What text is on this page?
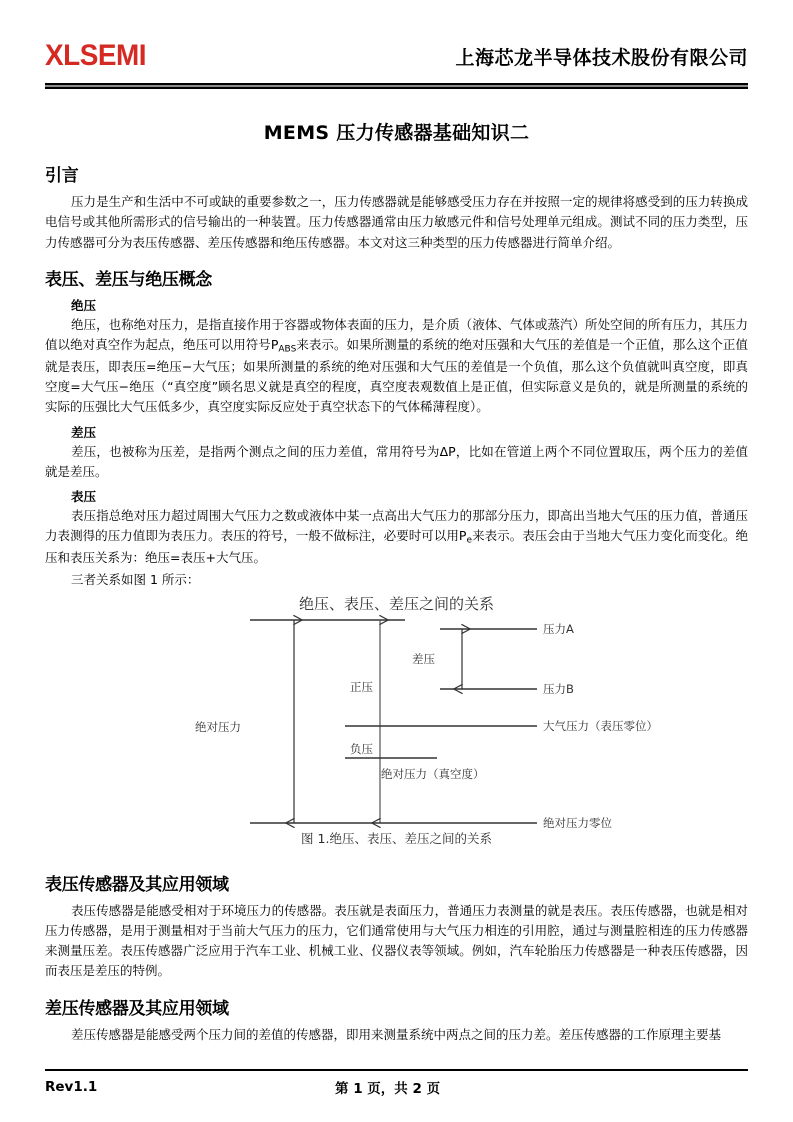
XLSEMI	上海芯龙半导体技术股份有限公司
MEMS 压力传感器基础知识二
引言

压力是生产和生活中不可或缺的重要参数之一，压力传感器就是能够感受压力存在并按照一定的规律将感受到的压力转换成电信号或其他所需形式的信号输出的一种装置。压力传感器通常由压力敏感元件和信号处理单元组成。测试不同的压力类型，压力传感器可分为表压传感器、差压传感器和绝压传感器。本文对这三种类型的压力传感器进行简单介绍。

表压、差压与绝压概念
绝压

绝压，也称绝对压力，是指直接作用于容器或物体表面的压力，是介质（液体、气体或蒸汽）所处空间的所有压力，其压力值以绝对真空作为起点，绝压可以用符号$P_{ABS}$来表示。如果所测量的系统的绝对压强和大气压的差值是一个正值，那么这个正值就是表压，即表压=绝压−大气压；如果所测量的系统的绝对压强和大气压的差值是一个负值，那么这个负值就叫真空度，即真空度=大气压−绝压（“真空度”顾名思义就是真空的程度，真空度表观数值上是正值，但实际意义是负的，就是所测量的系统的实际的压强比大气压低多少，真空度实际反应处于真空状态下的气体稀薄程度）。

差压

差压，也被称为压差，是指两个测点之间的压力差值，常用符号为ΔP，比如在管道上两个不同位置取压，两个压力的差值就是差压。

表压

表压指总绝对压力超过周围大气压力之数或液体中某一点高出大气压力的那部分压力，即高出当地大气压的压力值，普通压力表测得的压力值即为表压力。表压的符号，一般不做标注，必要时可以用$P_e$来表示。表压会由于当地大气压力变化而变化。绝压和表压关系为：绝压=表压+大气压。

三者关系如图 1 所示：

绝压、表压、差压之间的关系
绝对压力
正压
负压
大气压力（表压零位）
绝对压力（真空度）
绝对压力零位
压力A
压力B
差压
图 1.绝压、表压、差压之间的关系
表压传感器及其应用领域

表压传感器是能感受相对于环境压力的传感器。表压就是表面压力，普通压力表测量的就是表压。表压传感器，也就是相对压力传感器，是用于测量相对于当前大气压力的压力，它们通常使用与大气压力相连的引用腔，通过与测量腔相连的压力传感器来测量压差。表压传感器广泛应用于汽车工业、机械工业、仪器仪表等领域。例如，汽车轮胎压力传感器是一种表压传感器，因而表压是差压的特例。

差压传感器及其应用领域

差压传感器是能感受两个压力间的差值的传感器，即用来测量系统中两点之间的压力差。差压传感器的工作原理主要基

Rev1.1	第 1 页，共 2 页
